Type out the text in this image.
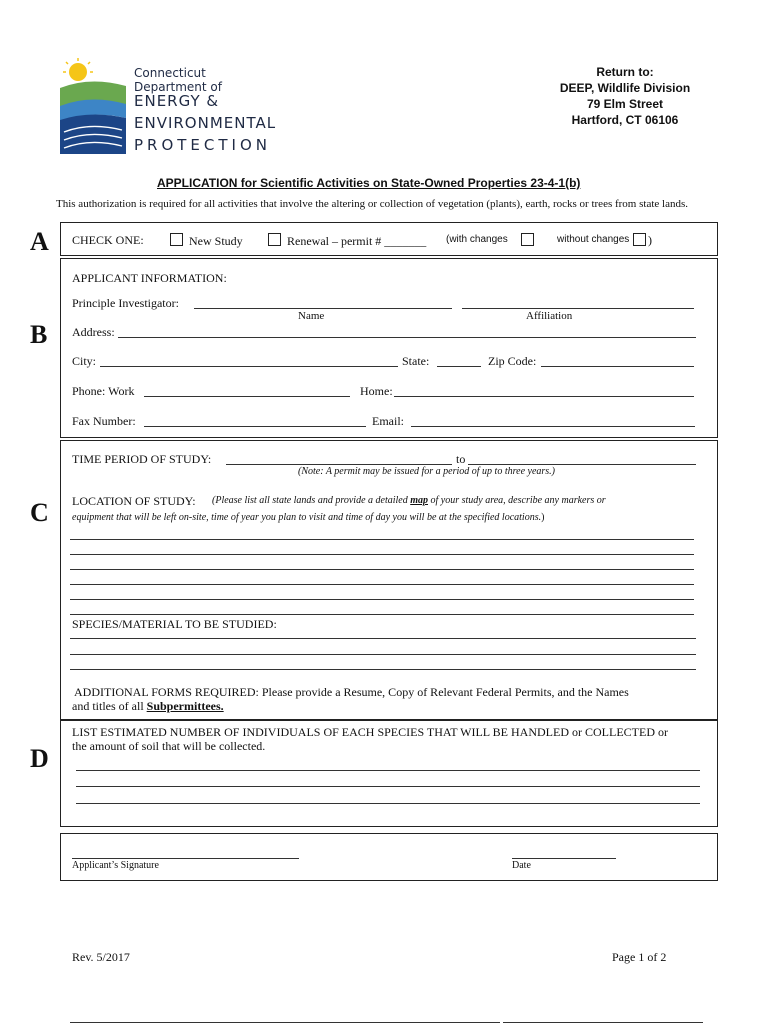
Connecticut Department of
ENERGY &
ENVIRONMENTAL
PROTECTION
Return to:
DEEP, Wildlife Division
79 Elm Street
Hartford, CT 06106
APPLICATION for Scientific Activities on State-Owned Properties 23-4-1(b)
This authorization is required for all activities that involve the altering or collection of vegetation (plants), earth, rocks or trees from state lands.
A CHECK ONE:	New Study	Renewal – permit # _______ (with changes	without changes )
B
APPLICANT INFORMATION:
Principle Investigator:
Name	Affiliation
Address:
City:	State:	Zip Code:
Phone: Work	Home:
Fax Number:	Email:
C
TIME PERIOD OF STUDY:	to
(Note: A permit may be issued for a period of up to three years.)
LOCATION OF STUDY: (Please list all state lands and provide a detailed map of your study area, describe any markers or
equipment that will be left on-site, time of year you plan to visit and time of day you will be at the specified locations.)
SPECIES/MATERIAL TO BE STUDIED:
ADDITIONAL FORMS REQUIRED: Please provide a Resume, Copy of Relevant Federal Permits, and the Names
and titles of all Subpermittees.
D
LIST ESTIMATED NUMBER OF INDIVIDUALS OF EACH SPECIES THAT WILL BE HANDLED or COLLECTED or
the amount of soil that will be collected.
Applicant’s Signature	Date
Rev. 5/2017	Page 1 of 2
